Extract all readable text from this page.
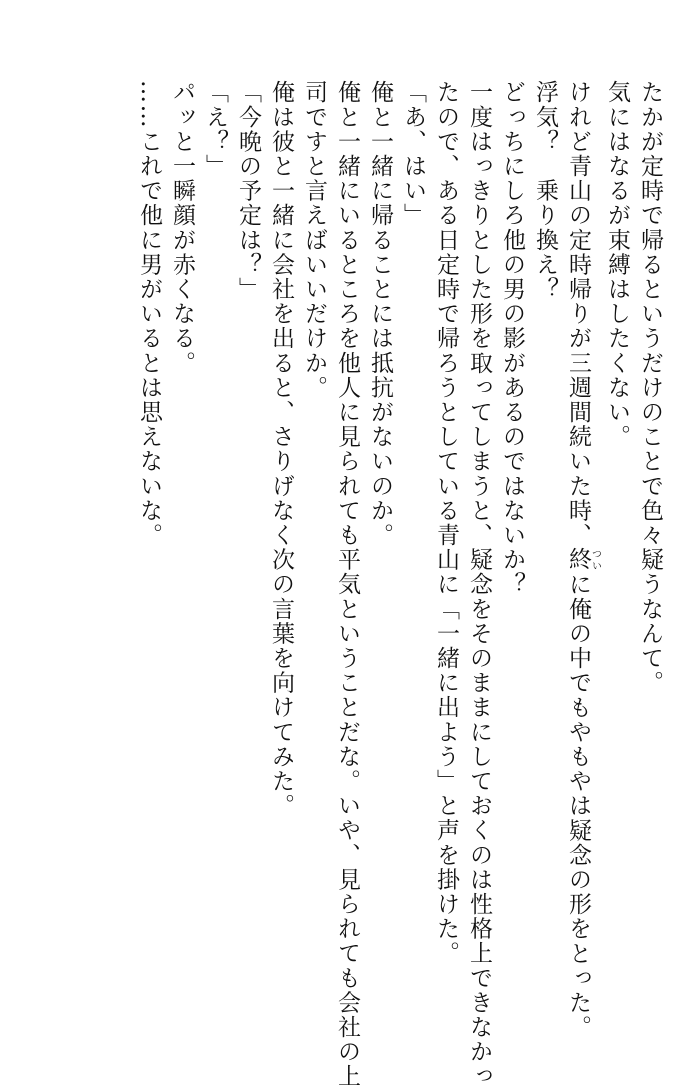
たかが定時で帰るというだけのことで色々疑うなんて。

気にはなるが束縛はしたくない。

けれど青山の定時帰りが三週間続いた時、終ついに俺の中でもやもやは疑念の形をとった。

浮気？　乗り換え？

どっちにしろ他の男の影があるのではないか？

一度はっきりとした形を取ってしまうと、疑念をそのままにしておくのは性格上できなかっ

たので、ある日定時で帰ろうとしている青山に「一緒に出よう」と声を掛けた。

「あ、はい」

俺と一緒に帰ることには抵抗がないのか。

俺と一緒にいるところを他人に見られても平気ということだな。いや、見られても会社の上

司ですと言えばいいだけか。

俺は彼と一緒に会社を出ると、さりげなく次の言葉を向けてみた。

「今晩の予定は？」

「え？」

パッと一瞬顔が赤くなる。

……これで他に男がいるとは思えないな。
